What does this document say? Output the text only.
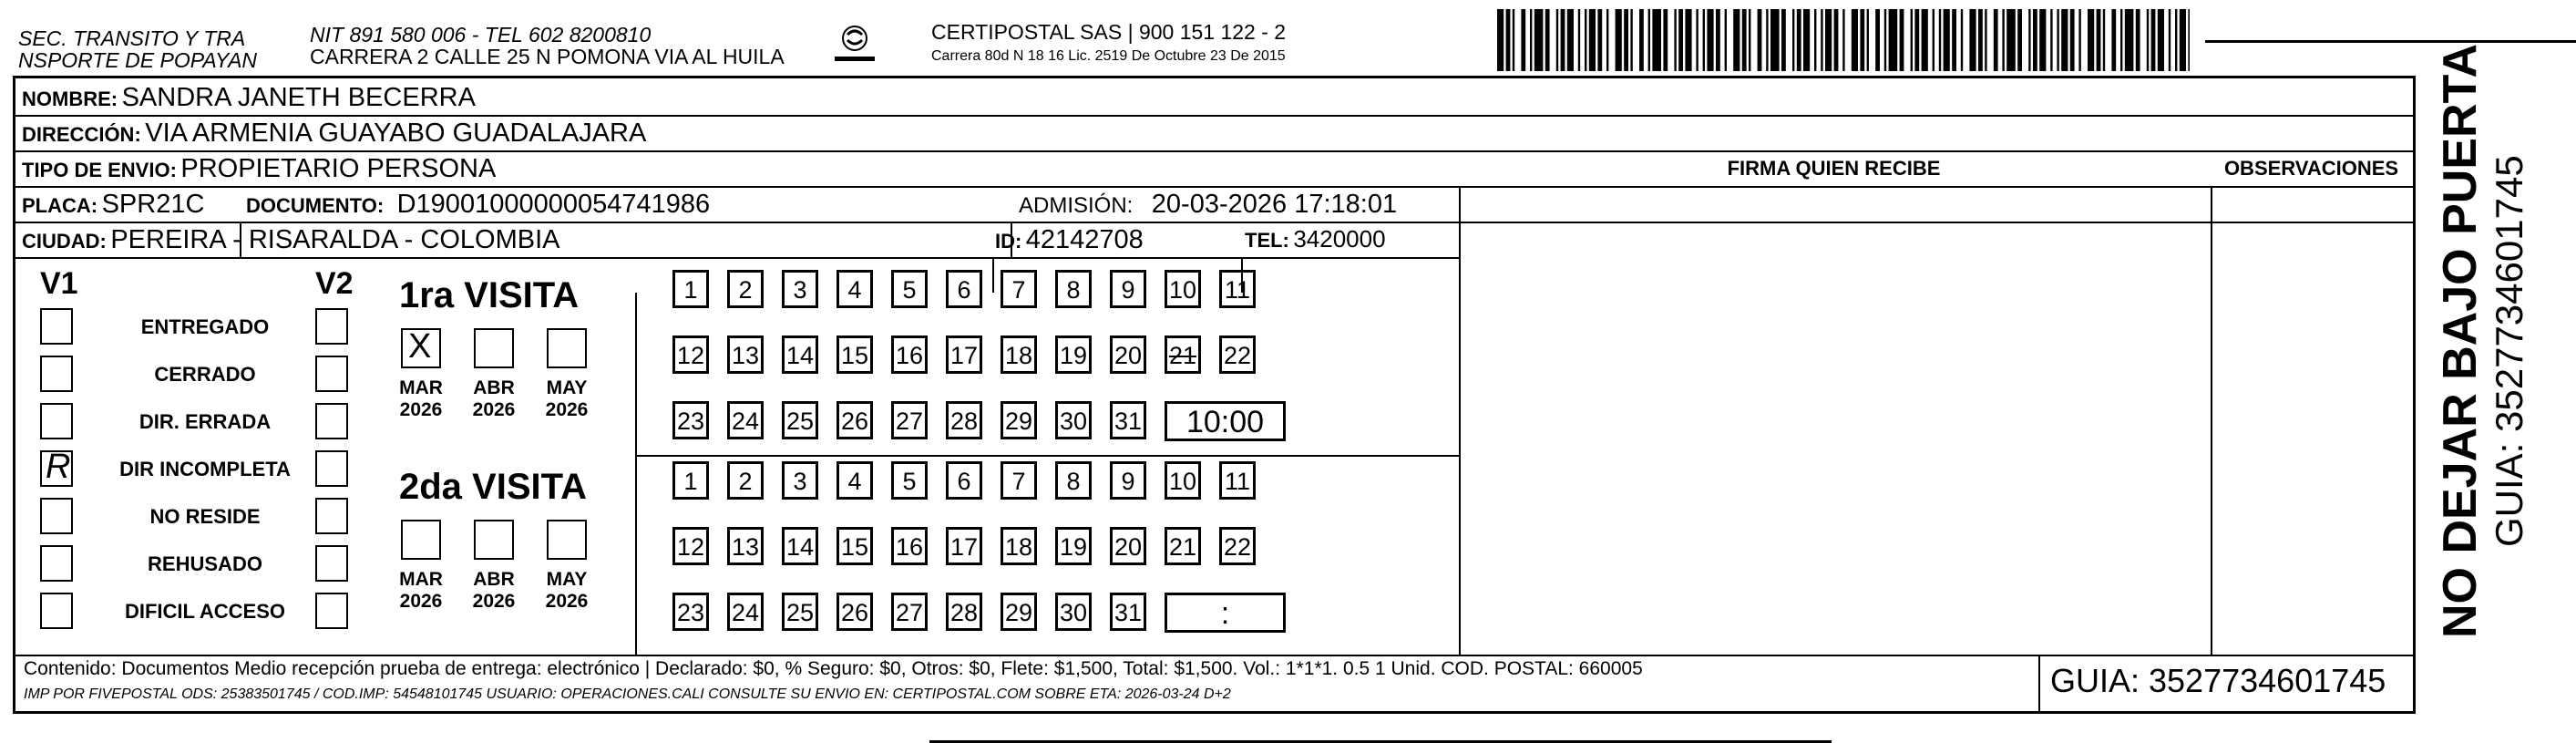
SEC. TRANSITO Y TRA
NSPORTE DE POPAYAN
NIT 891 580 006 - TEL 602 8200810
CARRERA 2 CALLE 25 N POMONA VIA AL HUILA
CERTIPOSTAL SAS | 900 151 122 - 2
Carrera 80d N 18 16 Lic. 2519 De Octubre 23 De 2015
NOMBRE: SANDRA JANETH BECERRA
DIRECCIÓN: VIA ARMENIA GUAYABO GUADALAJARA
TIPO DE ENVIO: PROPIETARIO PERSONA
PLACA: SPR21C DOCUMENTO: D19001000000054741986	ADMISIÓN: 20-03-2026 17:18:01
CIUDAD: PEREIRA - RISARALDA - COLOMBIA	ID: 42142708	TEL: 3420000
FIRMA QUIEN RECIBE	OBSERVACIONES
V1	V2
ENTREGADO
CERRADO
DIR. ERRADA
R	DIR INCOMPLETA
NO RESIDE
REHUSADO
DIFICIL ACCESO
1ra VISITA
2da VISITA
X
MAR
2026
ABR
2026
MAY
2026
1	2	3	4	5	6	7	8	9	10 11
12 13 14 15 16 17 18 19 20 21 22
23 24 25 26 27 28 29 30 31	10:00
MAR
2026
ABR
2026
MAY
2026
1	2	3	4	5	6	7	8	9	10 11
12 13 14 15 16 17 18 19 20 21 22
23 24 25 26 27 28 29 30 31	:
Contenido: Documentos Medio recepción prueba de entrega: electrónico | Declarado: $0, % Seguro: $0, Otros: $0, Flete: $1,500, Total: $1,500. Vol.: 1*1*1. 0.5 1 Unid. COD. POSTAL: 660005
IMP POR FIVEPOSTAL ODS: 25383501745 / COD.IMP: 54548101745 USUARIO: OPERACIONES.CALI CONSULTE SU ENVIO EN: CERTIPOSTAL.COM SOBRE ETA: 2026-03-24 D+2	GUIA: 3527734601745
NO DEJAR BAJO PUERTA GUIA: 3527734601745
